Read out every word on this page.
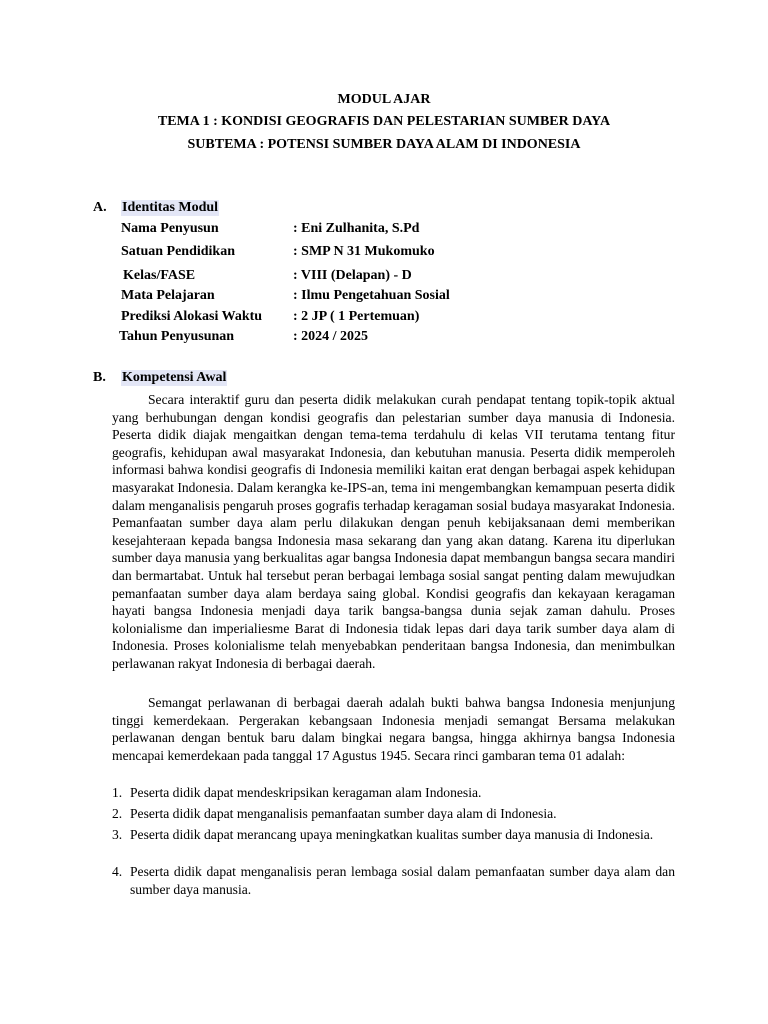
MODUL AJAR
TEMA 1 : KONDISI GEOGRAFIS DAN PELESTARIAN SUMBER DAYA
SUBTEMA : POTENSI SUMBER DAYA ALAM DI INDONESIA
A. Identitas Modul
Nama Penyusun	: Eni Zulhanita, S.Pd
Satuan Pendidikan	: SMP N 31 Mukomuko
Kelas/FASE	: VIII (Delapan) - D
Mata Pelajaran	: Ilmu Pengetahuan Sosial
Prediksi Alokasi Waktu : 2 JP ( 1 Pertemuan)
Tahun Penyusunan	: 2024 / 2025
B. Kompetensi Awal

Secara interaktif guru dan peserta didik melakukan curah pendapat tentang topik-topik aktual yang berhubungan dengan kondisi geografis dan pelestarian sumber daya manusia di Indonesia. Peserta didik diajak mengaitkan dengan tema-tema terdahulu di kelas VII terutama tentang fitur geografis, kehidupan awal masyarakat Indonesia, dan kebutuhan manusia. Peserta didik memperoleh informasi bahwa kondisi geografis di Indonesia memiliki kaitan erat dengan berbagai aspek kehidupan masyarakat Indonesia. Dalam kerangka ke-IPS-an, tema ini mengembangkan kemampuan peserta didik dalam menganalisis pengaruh proses gografis terhadap keragaman sosial budaya masyarakat Indonesia. Pemanfaatan sumber daya alam perlu dilakukan dengan penuh kebijaksanaan demi memberikan kesejahteraan kepada bangsa Indonesia masa sekarang dan yang akan datang. Karena itu diperlukan sumber daya manusia yang berkualitas agar bangsa Indonesia dapat membangun bangsa secara mandiri dan bermartabat. Untuk hal tersebut peran berbagai lembaga sosial sangat penting dalam mewujudkan pemanfaatan sumber daya alam berdaya saing global. Kondisi geografis dan kekayaan keragaman hayati bangsa Indonesia menjadi daya tarik bangsa-bangsa dunia sejak zaman dahulu. Proses kolonialisme dan imperialiesme Barat di Indonesia tidak lepas dari daya tarik sumber daya alam di Indonesia. Proses kolonialisme telah menyebabkan penderitaan bangsa Indonesia, dan menimbulkan perlawanan rakyat Indonesia di berbagai daerah.

Semangat perlawanan di berbagai daerah adalah bukti bahwa bangsa Indonesia menjunjung tinggi kemerdekaan. Pergerakan kebangsaan Indonesia menjadi semangat Bersama melakukan perlawanan dengan bentuk baru dalam bingkai negara bangsa, hingga akhirnya bangsa Indonesia mencapai kemerdekaan pada tanggal 17 Agustus 1945. Secara rinci gambaran tema 01 adalah:

1. Peserta didik dapat mendeskripsikan keragaman alam Indonesia.
2. Peserta didik dapat menganalisis pemanfaatan sumber daya alam di Indonesia.
3. Peserta didik dapat merancang upaya meningkatkan kualitas sumber daya manusia di Indonesia.
4. Peserta didik dapat menganalisis peran lembaga sosial dalam pemanfaatan sumber daya alam dan sumber daya manusia.
